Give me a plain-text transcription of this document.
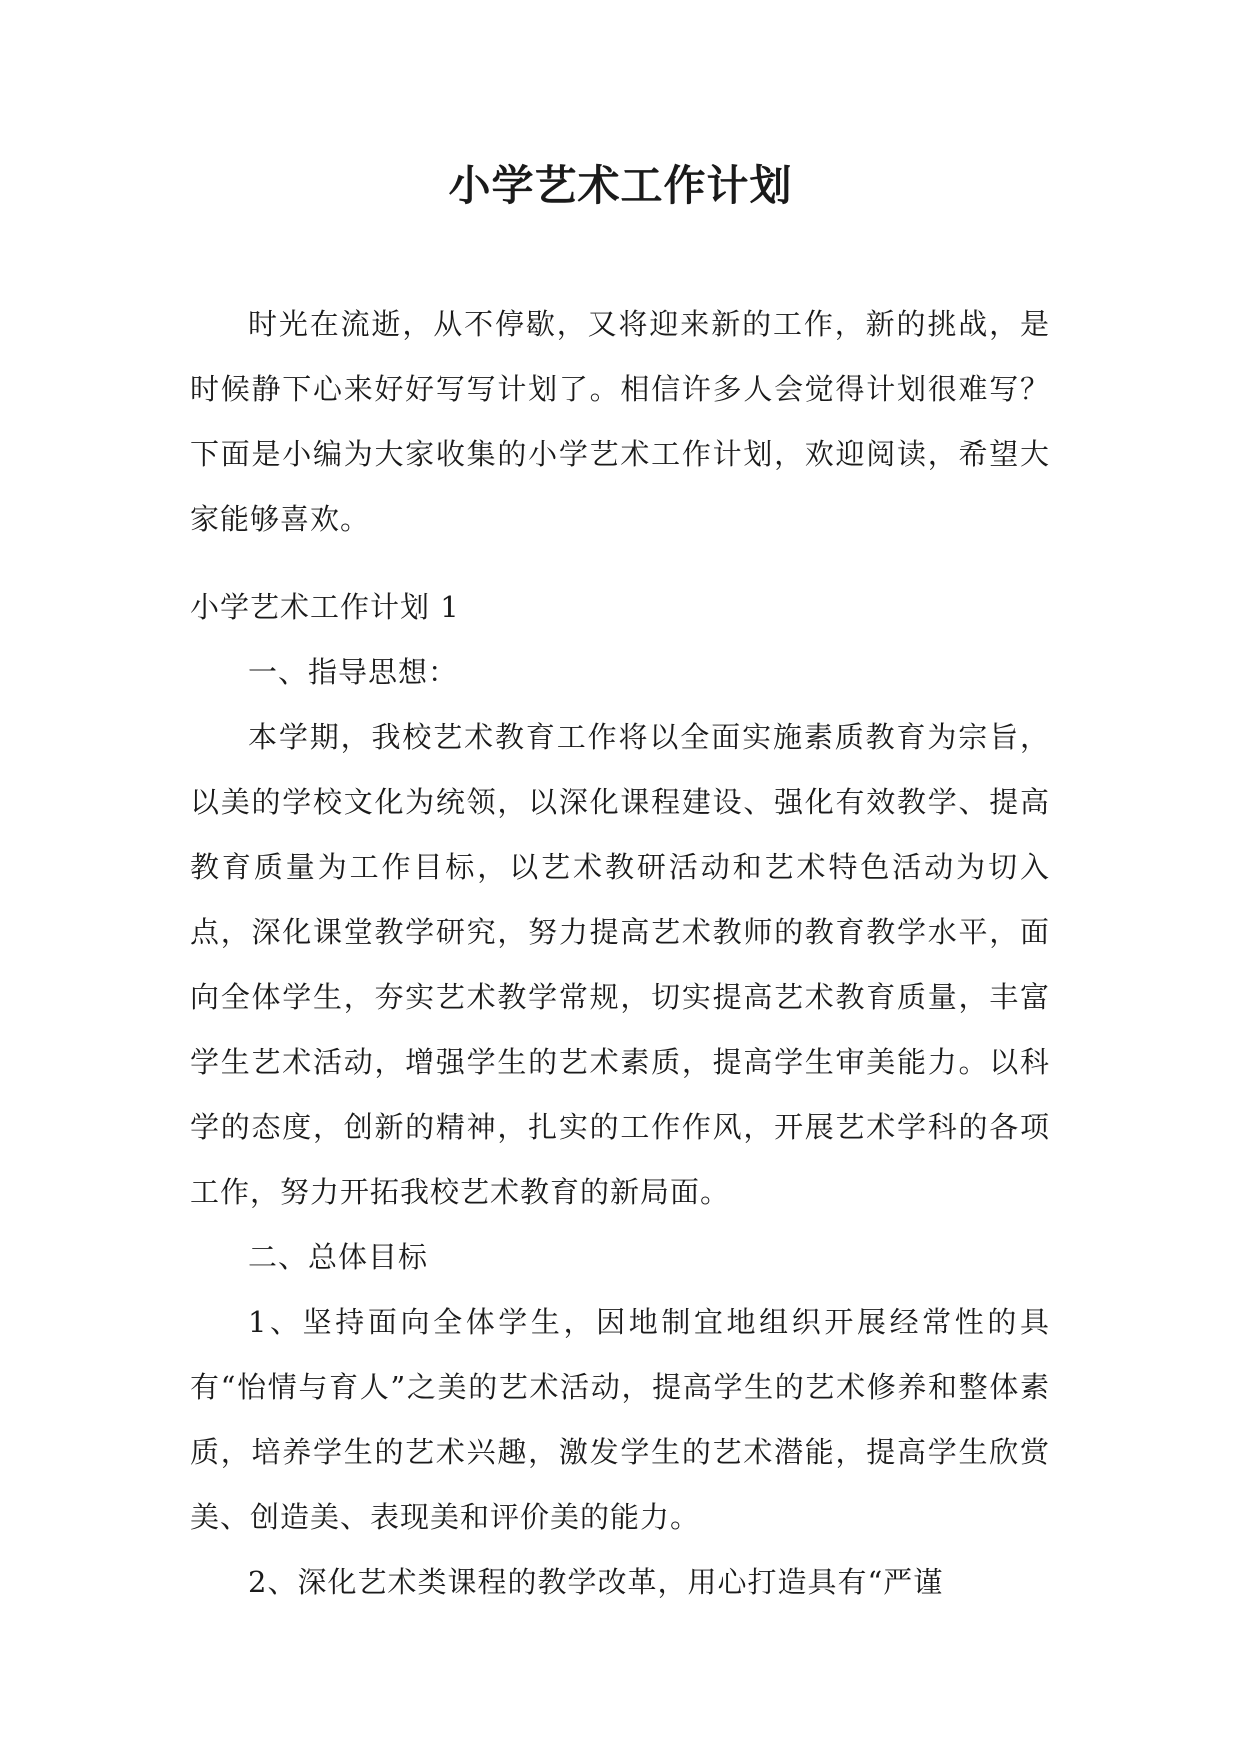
小学艺术工作计划

时光在流逝，从不停歇，又将迎来新的工作，新的挑战，是时候静下心来好好写写计划了。相信许多人会觉得计划很难写？下面是小编为大家收集的小学艺术工作计划，欢迎阅读，希望大家能够喜欢。

小学艺术工作计划 1

一、指导思想：

本学期，我校艺术教育工作将以全面实施素质教育为宗旨，以美的学校文化为统领，以深化课程建设、强化有效教学、提高教育质量为工作目标，以艺术教研活动和艺术特色活动为切入点，深化课堂教学研究，努力提高艺术教师的教育教学水平，面向全体学生，夯实艺术教学常规，切实提高艺术教育质量，丰富学生艺术活动，增强学生的艺术素质，提高学生审美能力。以科学的态度，创新的精神，扎实的工作作风，开展艺术学科的各项工作，努力开拓我校艺术教育的新局面。

二、总体目标

1、坚持面向全体学生，因地制宜地组织开展经常性的具有“怡情与育人”之美的艺术活动，提高学生的艺术修养和整体素质，培养学生的艺术兴趣，激发学生的艺术潜能，提高学生欣赏美、创造美、表现美和评价美的能力。

2、深化艺术类课程的教学改革，用心打造具有“严谨
